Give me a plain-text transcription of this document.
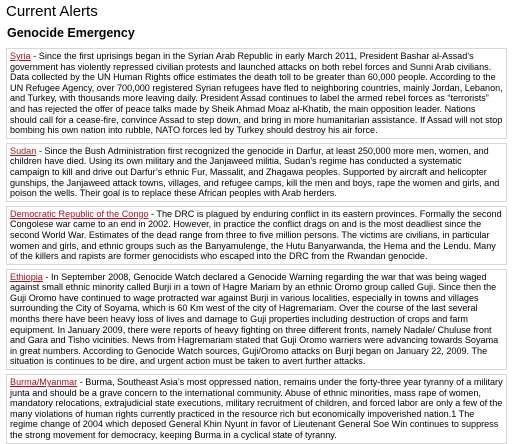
Current Alerts
Genocide Emergency
Syria - Since the first uprisings began in the Syrian Arab Republic in early March 2011, President Bashar al-Assad’s government has violently repressed civilian protests and launched attacks on both rebel forces and Sunni Arab civilians. Data collected by the UN Human Rights office estimates the death toll to be greater than 60,000 people. According to the UN Refugee Agency, over 700,000 registered Syrian refugees have fled to neighboring countries, mainly Jordan, Lebanon, and Turkey, with thousands more leaving daily. President Assad continues to label the armed rebel forces as “terrorists” and has rejected the offer of peace talks made by Sheik Ahmad Moaz al-Khatib, the main opposition leader. Nations should call for a cease-fire, convince Assad to step down, and bring in more humanitarian assistance. If Assad will not stop bombing his own nation into rubble, NATO forces led by Turkey should destroy his air force.
Sudan - Since the Bush Administration first recognized the genocide in Darfur, at least 250,000 more men, women, and children have died. Using its own military and the Janjaweed militia, Sudan’s regime has conducted a systematic campaign to kill and drive out Darfur’s ethnic Fur, Massalit, and Zhagawa peoples. Supported by aircraft and helicopter gunships, the Janjaweed attack towns, villages, and refugee camps, kill the men and boys, rape the women and girls, and poison the wells. Their goal is to replace these African peoples with Arab herders.
Democratic Republic of the Congo - The DRC is plagued by enduring conflict in its eastern provinces. Formally the second Congolese war came to an end in 2002. However, in practice the conflict drags on and is the most deadliest since the second World War. Estimates of the dead range from three to five million persons. The victims are civilians, in particular women and girls, and ethnic groups such as the Banyamulenge, the Hutu Banyarwanda, the Hema and the Lendu. Many of the killers and rapists are former genocidists who escaped into the DRC from the Rwandan genocide.
Ethiopia - In September 2008, Genocide Watch declared a Genocide Warning regarding the war that was being waged against small ethnic minority called Burji in a town of Hagre Mariam by an ethnic Oromo group called Guji. Since then the Guji Oromo have continued to wage protracted war against Burji in various localities, especially in towns and villages surrounding the City of Soyama, which is 60 Km west of the city of Hagremariam. Over the course of the last several months there have been heavy loss of lives and damage to Guji properties including destruction of crops and farm equipment. In January 2009, there were reports of heavy fighting on three different fronts, namely Nadale/ Chuluse front and Gara and Tisho vicinities. News from Hagremariam stated that Guji Oromo warriers were advancing towards Soyama in great numbers. According to Genocide Watch sources, Guji/Oromo attacks on Burji began on January 22, 2009. The situation is continues to be dire, and urgent action must be taken to avert further attacks.
Burma/Myanmar - Burma, Southeast Asia’s most oppressed nation, remains under the forty-three year tyranny of a military junta and should be a grave concern to the international community. Abuse of ethnic minorities, mass rape of women, mandatory relocations, extrajudicial state executions, military recruitment of children, and forced labor are only a few of the many violations of human rights currently practiced in the resource rich but economically impoverished nation.1 The regime change of 2004 which deposed General Khin Nyunt in favor of Lieutenant General Soe Win continues to suppress the strong movement for democracy, keeping Burma in a cyclical state of tyranny.
